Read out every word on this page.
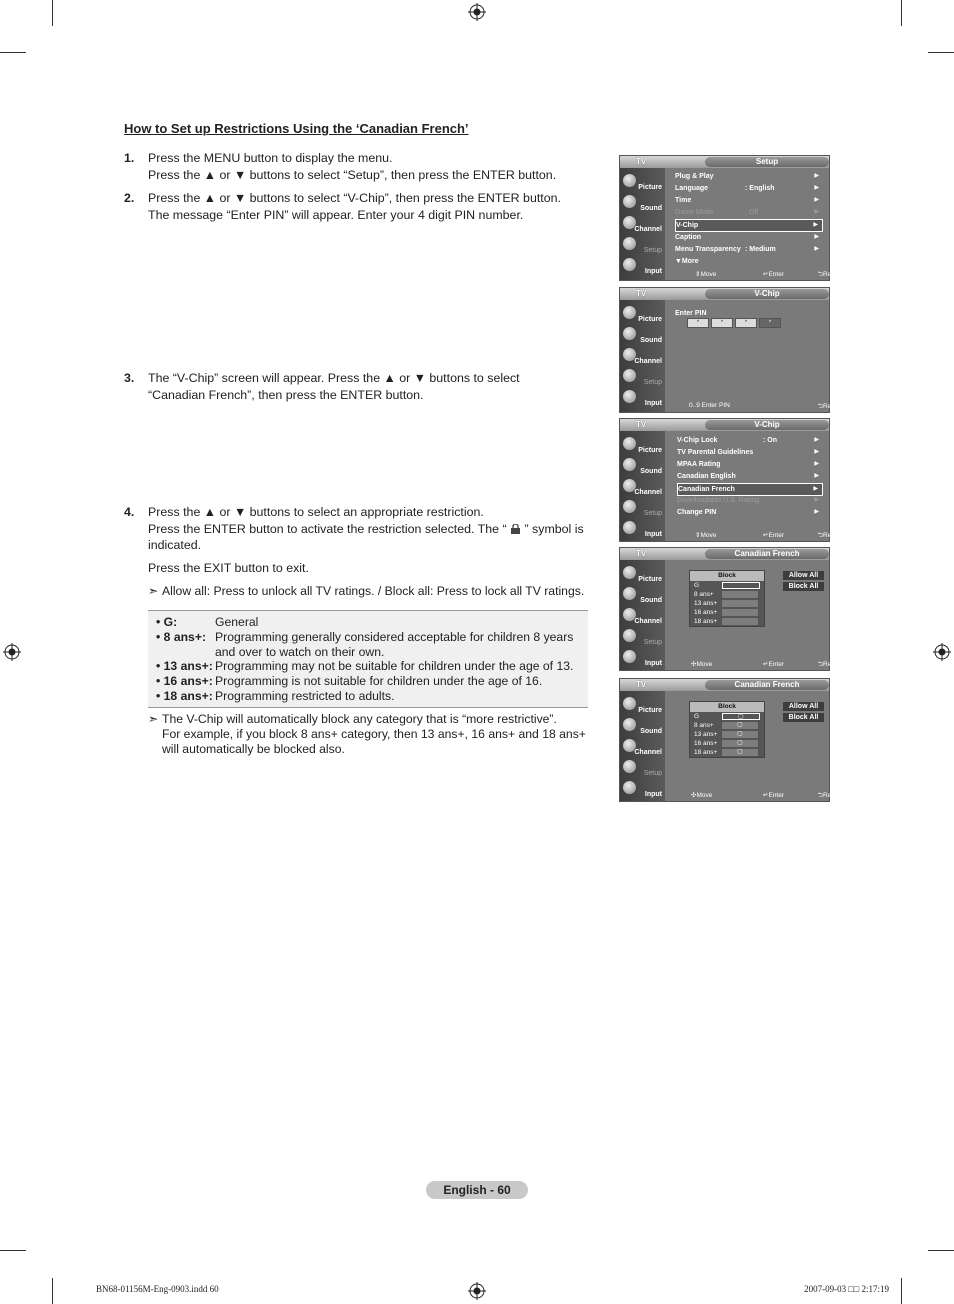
How to Set up Restrictions Using the ‘Canadian French’
1. Press the MENU button to display the menu.
Press the ▲ or ▼ buttons to select “Setup”, then press the ENTER button.
2. Press the ▲ or ▼ buttons to select “V-Chip”, then press the ENTER button.
The message “Enter PIN” will appear. Enter your 4 digit PIN number.
3. The “V-Chip” screen will appear. Press the ▲ or ▼ buttons to select
“Canadian French”, then press the ENTER button.
4. Press the ▲ or ▼ buttons to select an appropriate restriction.
Press the ENTER button to activate the restriction selected. The “ ” symbol is indicated.
Press the EXIT button to exit.
➣ Allow all: Press to unlock all TV ratings. / Block all: Press to lock all TV ratings.
• G:	General
• 8 ans+: Programming generally considered acceptable for children 8 years and over to watch on their own.
• 13 ans+: Programming may not be suitable for children under the age of 13.
• 16 ans+: Programming is not suitable for children under the age of 16.
• 18 ans+: Programming restricted to adults.
➣ The V-Chip will automatically block any category that is “more restrictive”.
For example, if you block 8 ans+ category, then 13 ans+, 16 ans+ and 18 ans+
will automatically be blocked also.
TV	Setup
Picture
Sound
Channel
Setup
Input
Plug & Play	▶
Language	: English	▶
Time	▶
Game Mode	: Off	▶
V-Chip	▶
Caption	▶
Menu Transparency : Medium	▶
▼More
⇕ Move	↵ Enter	⮌ Return
TV	V-Chip
Picture
Sound
Channel
Setup
Input
Enter PIN
*	*	*	*
0..9 Enter PIN	⮌ Return
TV	V-Chip
Picture
Sound
Channel
Setup
Input
V-Chip Lock	: On	▶
TV Parental Guidelines	▶
MPAA Rating	▶
Canadian English	▶
Canadian French	▶
Downloadable U.S. Rating	▶
Change PIN	▶
⇕ Move	↵ Enter	⮌ Return
TV	Canadian French
Picture
Sound
Channel
Setup
Input
Block
G
8 ans+
13 ans+
16 ans+
18 ans+
Allow All
Block All
✣ Move	↵ Enter	⮌ Return
TV	Canadian French
Picture
Sound
Channel
Setup
Input
Block
G	▢
8 ans+	▢
13 ans+	▢
16 ans+	▢
18 ans+	▢
Allow All
Block All
✣ Move	↵ Enter	⮌ Return
English - 60
BN68-01156M-Eng-0903.indd 60	2007-09-03 □□ 2:17:19
